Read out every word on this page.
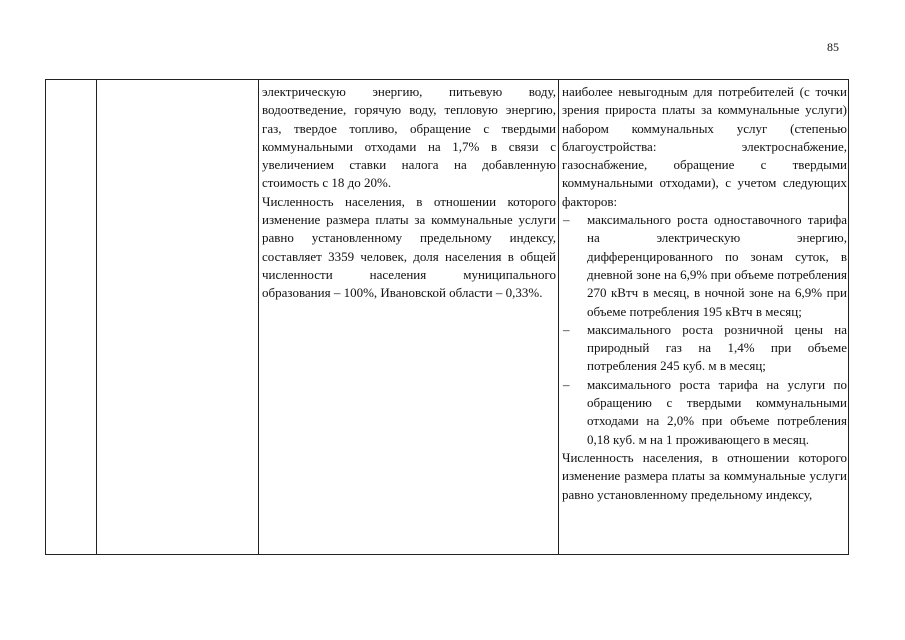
85

электрическую энергию, питьевую воду, водоотведение, горячую воду, тепловую энергию, газ, твердое топливо, обращение с твердыми коммунальными отходами на 1,7% в связи с увеличением ставки налога на добавленную стоимость с 18 до 20%.

Численность населения, в отношении которого изменение размера платы за коммунальные услуги равно установленному предельному индексу, составляет 3359 человек, доля населения в общей численности населения муниципального образования – 100%, Ивановской области – 0,33%.

наиболее невыгодным для потребителей (с точки зрения прироста платы за коммунальные услуги) набором коммунальных услуг (степенью благоустройства: электроснабжение, газоснабжение, обращение с твердыми коммунальными отходами), с учетом следующих факторов:

– максимального роста одноставочного тарифа на электрическую энергию, дифференцированного по зонам суток, в дневной зоне на 6,9% при объеме потребления 270 кВтч в месяц, в ночной зоне на 6,9% при объеме потребления 195 кВтч в месяц;
– максимального роста розничной цены на природный газ на 1,4% при объеме потребления 245 куб. м в месяц;
– максимального роста тарифа на услуги по обращению с твердыми коммунальными отходами на 2,0% при объеме потребления 0,18 куб. м на 1 проживающего в месяц.

Численность населения, в отношении которого изменение размера платы за коммунальные услуги равно установленному предельному индексу,
